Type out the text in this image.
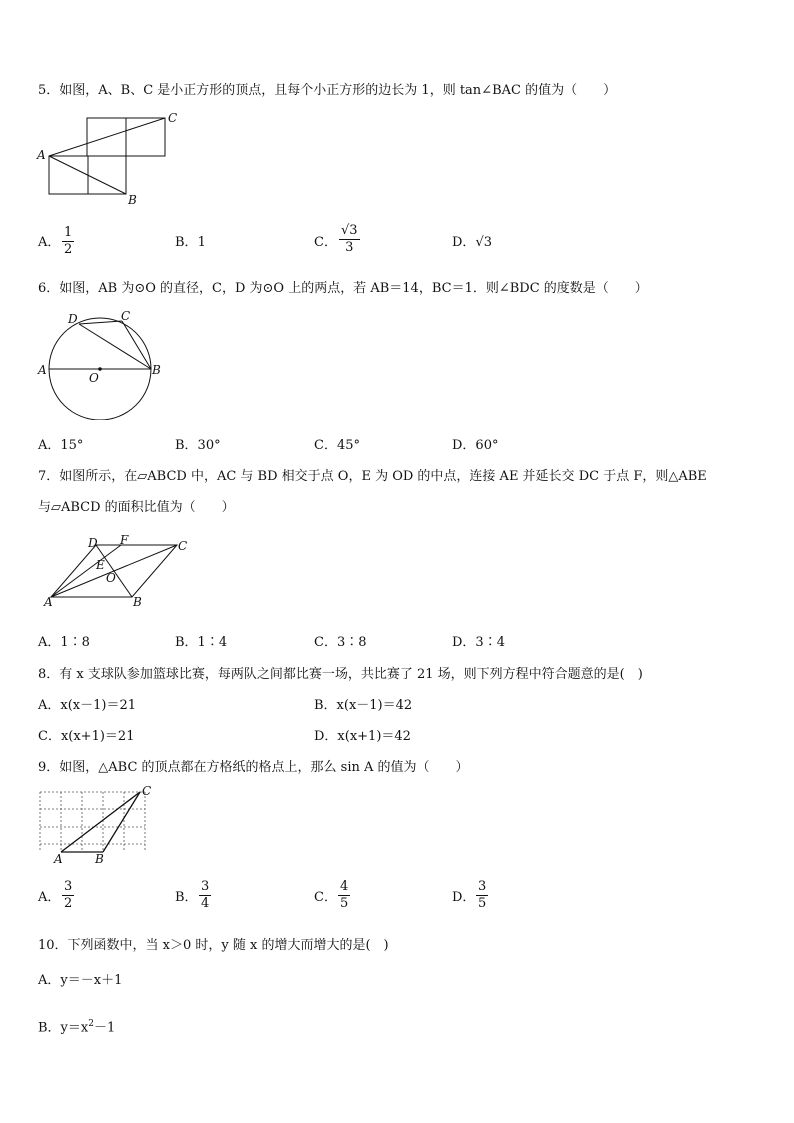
5．如图，A、B、C 是小正方形的顶点，且每个小正方形的边长为 1，则 tan∠BAC 的值为（　　）
A
B
C
A．
1
2	B．1	C．
√3
3	D．√3
6．如图，AB 为⊙O 的直径，C，D 为⊙O 上的两点，若 AB＝14，BC＝1．则∠BDC 的度数是（　　）
A	B
C
D
O
A．15°	B．30°	C．45°	D．60°
7．如图所示，在▱ABCD 中，AC 与 BD 相交于点 O，E 为 OD 的中点，连接 AE 并延长交 DC 于点 F，则△ABE
与▱ABCD 的面积比值为（　　）
A	B
C
D
E
F
O
A．1∶8	B．1∶4	C．3∶8	D．3∶4
8．有 x 支球队参加篮球比赛，每两队之间都比赛一场，共比赛了 21 场，则下列方程中符合题意的是(　)
A．x(x－1)＝21	B．x(x－1)＝42
C．x(x+1)＝21	D．x(x+1)＝42
9．如图，△ABC 的顶点都在方格纸的格点上，那么 sin A 的值为（　　）
A	B
C
A．
3
2	B．
3
4	C．
4
5	D．
3
5
10．下列函数中，当 x＞0 时，y 随 x 的增大而增大的是(　)
A．y＝－x＋1
B．$y=x^2-1$
